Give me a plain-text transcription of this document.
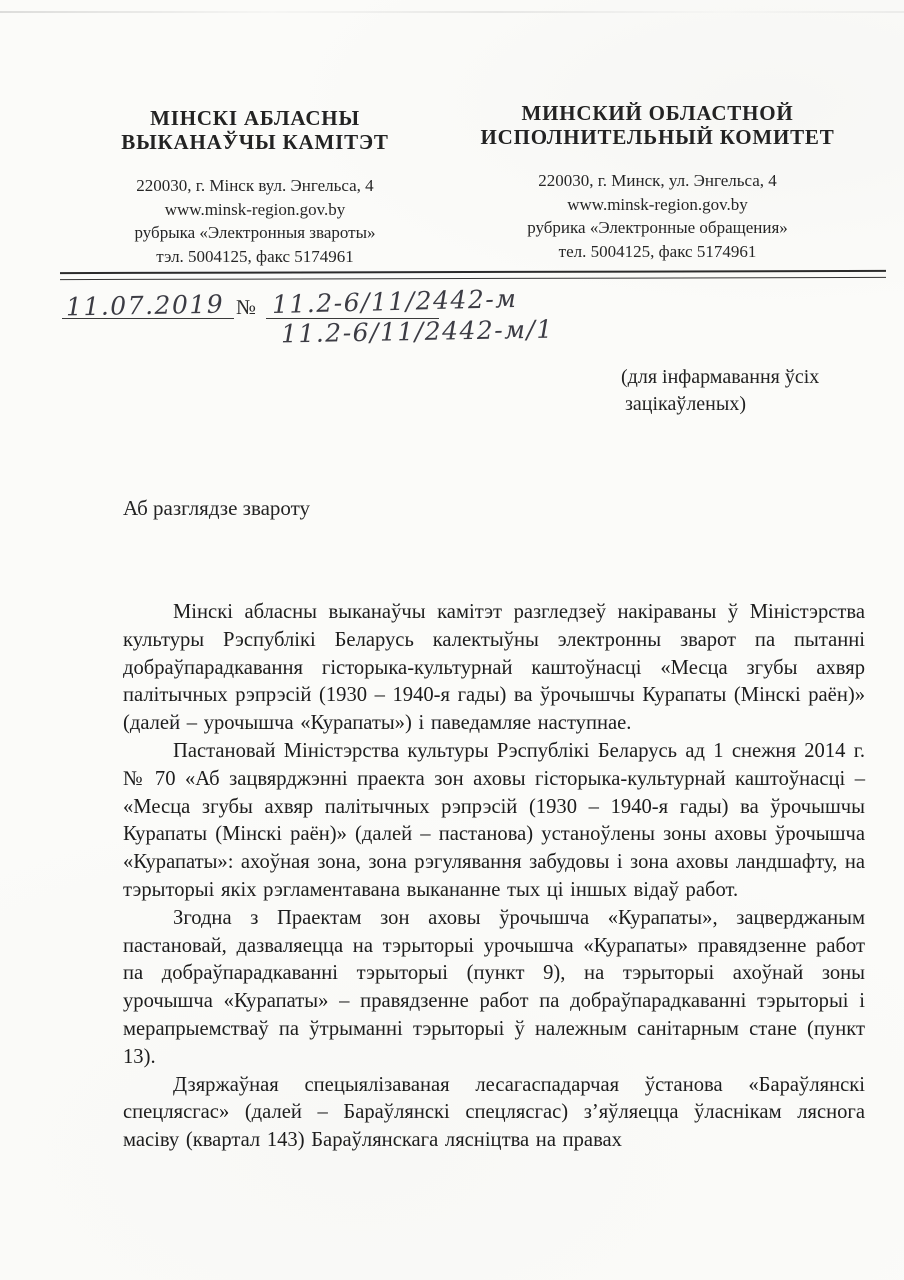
МІНСКІ АБЛАСНЫ
ВЫКАНАЎЧЫ КАМІТЭТ
220030, г. Мінск вул. Энгельса, 4
www.minsk-region.gov.by
рубрыка «Электронныя звароты»
тэл. 5004125, факс 5174961
МИНСКИЙ ОБЛАСТНОЙ
ИСПОЛНИТЕЛЬНЫЙ КОМИТЕТ
220030, г. Минск, ул. Энгельса, 4
www.minsk-region.gov.by
рубрика «Электронные обращения»
тел. 5004125, факс 5174961
11.07.2019 № 11.2-6/11/2442-м
11.2-6/11/2442-м/1
(для інфармавання ўсіх
зацікаўленых)
Аб разглядзе звароту

Мінскі абласны выканаўчы камітэт разгледзеў накіраваны ў Міністэрства культуры Рэспублікі Беларусь калектыўны электронны зварот па пытанні добраўпарадкавання гісторыка-культурнай каштоўнасці «Месца згубы ахвяр палітычных рэпрэсій (1930 – 1940-я гады) ва ўрочышчы Курапаты (Мінскі раён)» (далей – урочышча «Курапаты») і паведамляе наступнае.

Пастановай Міністэрства культуры Рэспублікі Беларусь ад 1 снежня 2014 г. № 70 «Аб зацвярджэнні праекта зон аховы гісторыка-культурнай каштоўнасці – «Месца згубы ахвяр палітычных рэпрэсій (1930 – 1940-я гады) ва ўрочышчы Курапаты (Мінскі раён)» (далей – пастанова) устаноўлены зоны аховы ўрочышча «Курапаты»: ахоўная зона, зона рэгулявання забудовы і зона аховы ландшафту, на тэрыторыі якіх рэгламентавана выкананне тых ці іншых відаў работ.

Згодна з Праектам зон аховы ўрочышча «Курапаты», зацверджаным пастановай, дазваляецца на тэрыторыі урочышча «Курапаты» правядзенне работ па добраўпарадкаванні тэрыторыі (пункт 9), на тэрыторыі ахоўнай зоны урочышча «Курапаты» – правядзенне работ па добраўпарадкаванні тэрыторыі і мерапрыемстваў па ўтрыманні тэрыторыі ў належным санітарным стане (пункт 13).

Дзяржаўная спецыялізаваная лесагаспадарчая ўстанова «Бараўлянскі спецлясгас» (далей – Бараўлянскі спецлясгас) з’яўляецца ўласнікам ляснога масіву (квартал 143) Бараўлянскага лясніцтва на правах
